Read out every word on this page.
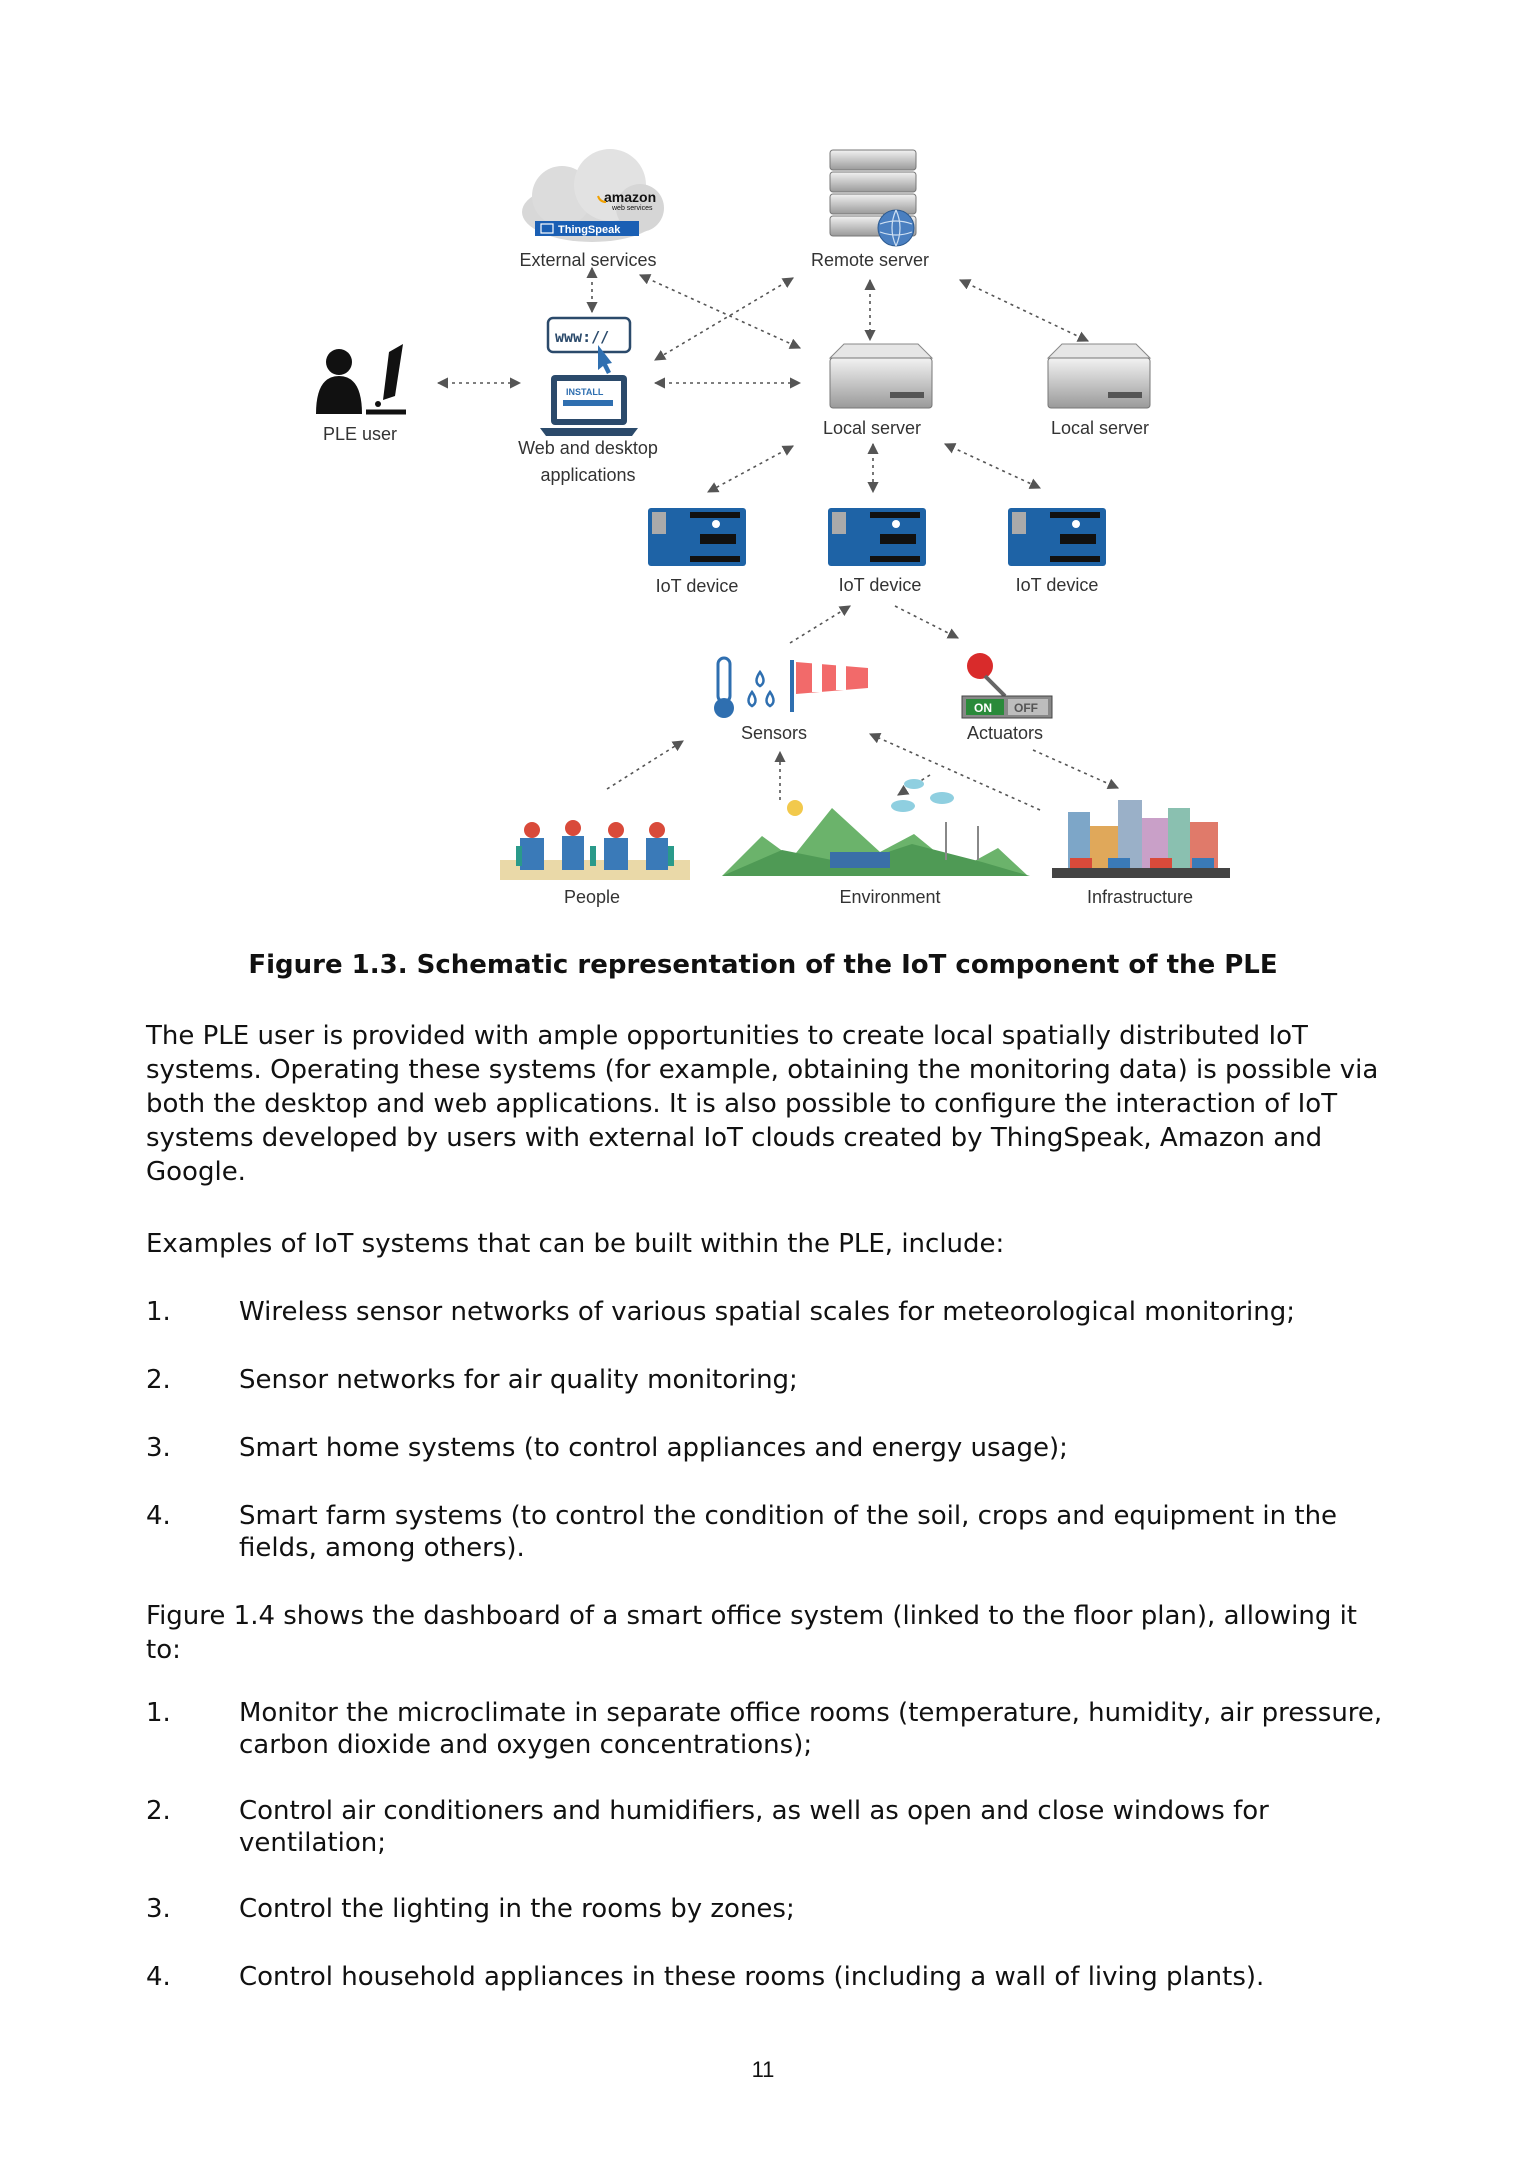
amazon
web services
ThingSpeak
External services	Remote server
PLE user
www://
INSTALL
Web and desktop
applications
Local server	Local server
IoT device	IoT device	IoT device
Sensors
ON OFF
Actuators
People	Environment	Infrastructure
Figure 1.3. Schematic representation of the IoT component of the PLE
The PLE user is provided with ample opportunities to create local spatially distributed IoT systems. Operating these systems (for example, obtaining the monitoring data) is possible via both the desktop and web applications. It is also possible to configure the interaction of IoT systems developed by users with external IoT clouds created by ThingSpeak, Amazon and Google.
Examples of IoT systems that can be built within the PLE, include:
1.	Wireless sensor networks of various spatial scales for meteorological monitoring;
2.	Sensor networks for air quality monitoring;
3.	Smart home systems (to control appliances and energy usage);
4.	Smart farm systems (to control the condition of the soil, crops and equipment in the fields, among others).
Figure 1.4 shows the dashboard of a smart office system (linked to the floor plan), allowing it to:
1.	Monitor the microclimate in separate office rooms (temperature, humidity, air pressure, carbon dioxide and oxygen concentrations);
2.	Control air conditioners and humidifiers, as well as open and close windows for ventilation;
3.	Control the lighting in the rooms by zones;
4.	Control household appliances in these rooms (including a wall of living plants).
11
